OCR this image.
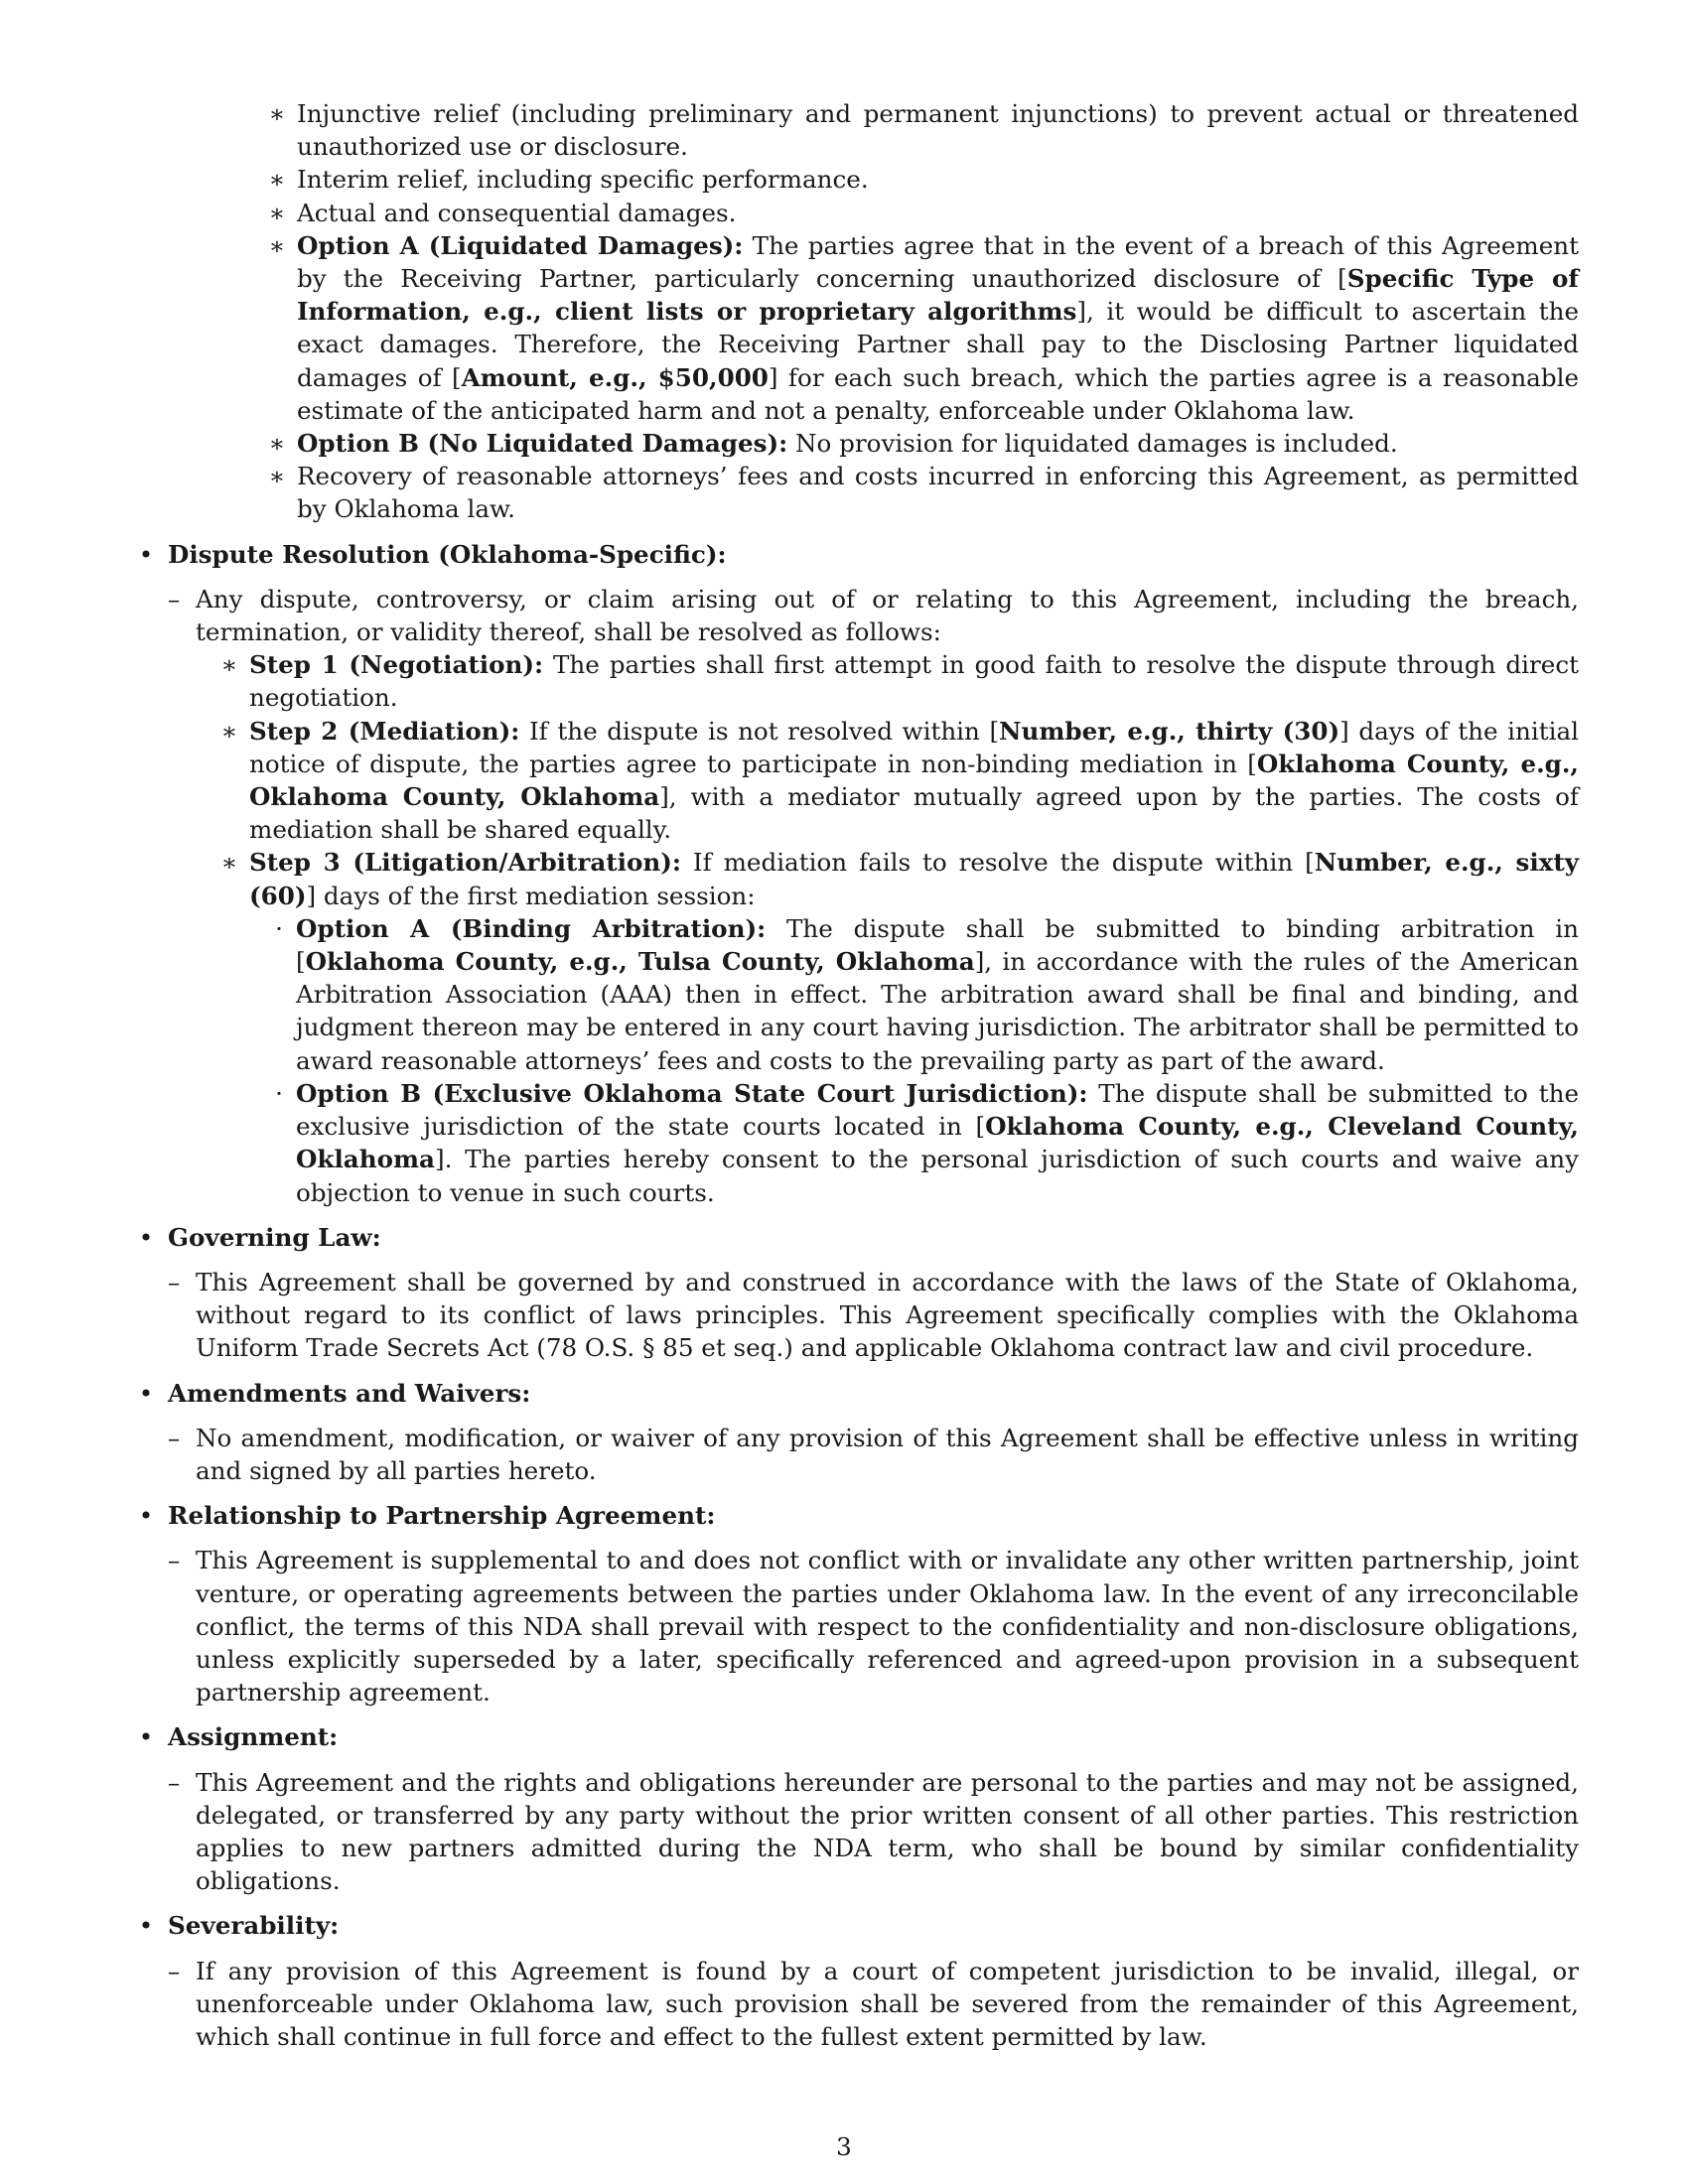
∗ Injunctive relief (including preliminary and permanent injunctions) to prevent actual or threatened unauthorized use or disclosure.
∗ Interim relief, including specific performance.
∗ Actual and consequential damages.
∗ Option A (Liquidated Damages): The parties agree that in the event of a breach of this Agreement by the Receiving Partner, particularly concerning unauthorized disclosure of [Specific Type of Information, e.g., client lists or proprietary algorithms], it would be difficult to ascertain the exact damages. Therefore, the Receiving Partner shall pay to the Disclosing Partner liquidated damages of [Amount, e.g., $50,000] for each such breach, which the parties agree is a reasonable estimate of the anticipated harm and not a penalty, enforceable under Oklahoma law.
∗ Option B (No Liquidated Damages): No provision for liquidated damages is included.
∗ Recovery of reasonable attorneys’ fees and costs incurred in enforcing this Agreement, as permitted by Oklahoma law.
• Dispute Resolution (Oklahoma-Specific):
– Any dispute, controversy, or claim arising out of or relating to this Agreement, including the breach, termination, or validity thereof, shall be resolved as follows:
∗ Step 1 (Negotiation): The parties shall first attempt in good faith to resolve the dispute through direct negotiation.
∗ Step 2 (Mediation): If the dispute is not resolved within [Number, e.g., thirty (30)] days of the initial notice of dispute, the parties agree to participate in non-binding mediation in [Oklahoma County, e.g., Oklahoma County, Oklahoma], with a mediator mutually agreed upon by the parties. The costs of mediation shall be shared equally.
∗ Step 3 (Litigation/Arbitration): If mediation fails to resolve the dispute within [Number, e.g., sixty (60)] days of the first mediation session:
· Option A (Binding Arbitration): The dispute shall be submitted to binding arbitration in [Oklahoma County, e.g., Tulsa County, Oklahoma], in accordance with the rules of the American Arbitration Association (AAA) then in effect. The arbitration award shall be final and binding, and judgment thereon may be entered in any court having jurisdiction. The arbitrator shall be permitted to award reasonable attorneys’ fees and costs to the prevailing party as part of the award.
· Option B (Exclusive Oklahoma State Court Jurisdiction): The dispute shall be submitted to the exclusive jurisdiction of the state courts located in [Oklahoma County, e.g., Cleveland County, Oklahoma]. The parties hereby consent to the personal jurisdiction of such courts and waive any objection to venue in such courts.
• Governing Law:
– This Agreement shall be governed by and construed in accordance with the laws of the State of Oklahoma, without regard to its conflict of laws principles. This Agreement specifically complies with the Oklahoma Uniform Trade Secrets Act (78 O.S. § 85 et seq.) and applicable Oklahoma contract law and civil procedure.
• Amendments and Waivers:
– No amendment, modification, or waiver of any provision of this Agreement shall be effective unless in writing and signed by all parties hereto.
• Relationship to Partnership Agreement:
– This Agreement is supplemental to and does not conflict with or invalidate any other written partnership, joint venture, or operating agreements between the parties under Oklahoma law. In the event of any irreconcilable conflict, the terms of this NDA shall prevail with respect to the confidentiality and non-disclosure obligations, unless explicitly superseded by a later, specifically referenced and agreed-upon provision in a subsequent partnership agreement.
• Assignment:
– This Agreement and the rights and obligations hereunder are personal to the parties and may not be assigned, delegated, or transferred by any party without the prior written consent of all other parties. This restriction applies to new partners admitted during the NDA term, who shall be bound by similar confidentiality obligations.
• Severability:
– If any provision of this Agreement is found by a court of competent jurisdiction to be invalid, illegal, or unenforceable under Oklahoma law, such provision shall be severed from the remainder of this Agreement, which shall continue in full force and effect to the fullest extent permitted by law.
3
